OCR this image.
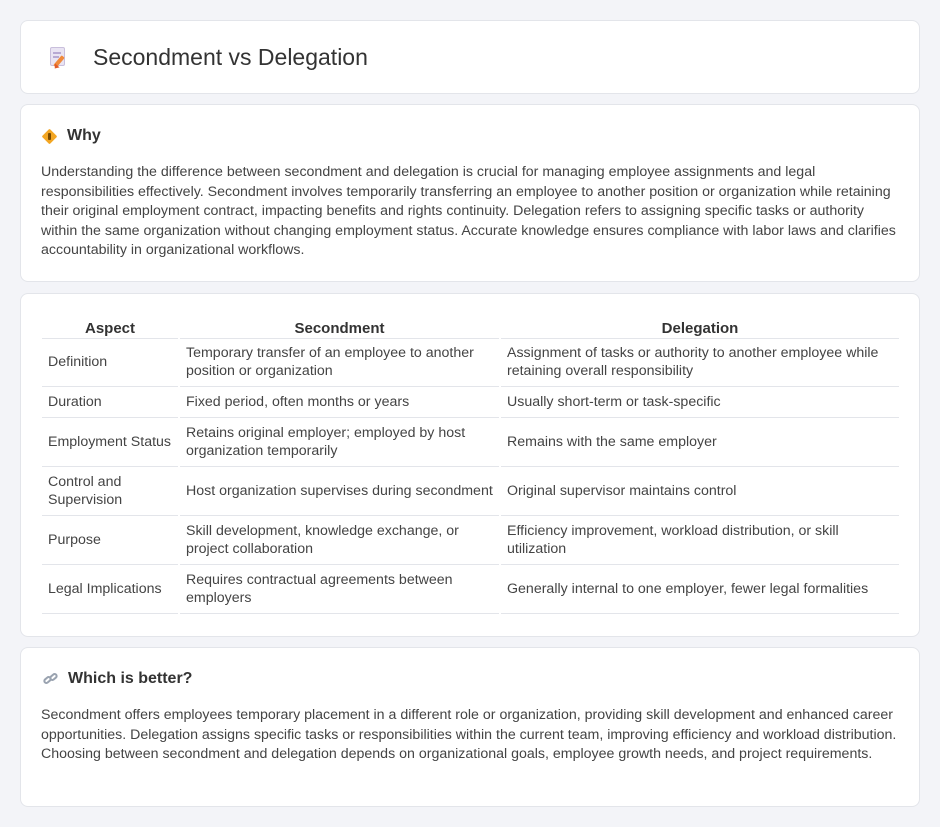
Secondment vs Delegation
Why

Understanding the difference between secondment and delegation is crucial for managing employee assignments and legal responsibilities effectively. Secondment involves temporarily transferring an employee to another position or organization while retaining their original employment contract, impacting benefits and rights continuity. Delegation refers to assigning specific tasks or authority within the same organization without changing employment status. Accurate knowledge ensures compliance with labor laws and clarifies accountability in organizational workflows.

Aspect	Secondment	Delegation
Definition	Temporary transfer of an employee to another position or organization	Assignment of tasks or authority to another employee while retaining overall responsibility
Duration	Fixed period, often months or years	Usually short-term or task-specific
Employment Status	Retains original employer; employed by host organization temporarily	Remains with the same employer
Control and Supervision	Host organization supervises during secondment	Original supervisor maintains control
Purpose	Skill development, knowledge exchange, or project collaboration	Efficiency improvement, workload distribution, or skill utilization
Legal Implications	Requires contractual agreements between employers	Generally internal to one employer, fewer legal formalities
Which is better?

Secondment offers employees temporary placement in a different role or organization, providing skill development and enhanced career opportunities. Delegation assigns specific tasks or responsibilities within the current team, improving efficiency and workload distribution. Choosing between secondment and delegation depends on organizational goals, employee growth needs, and project requirements.
